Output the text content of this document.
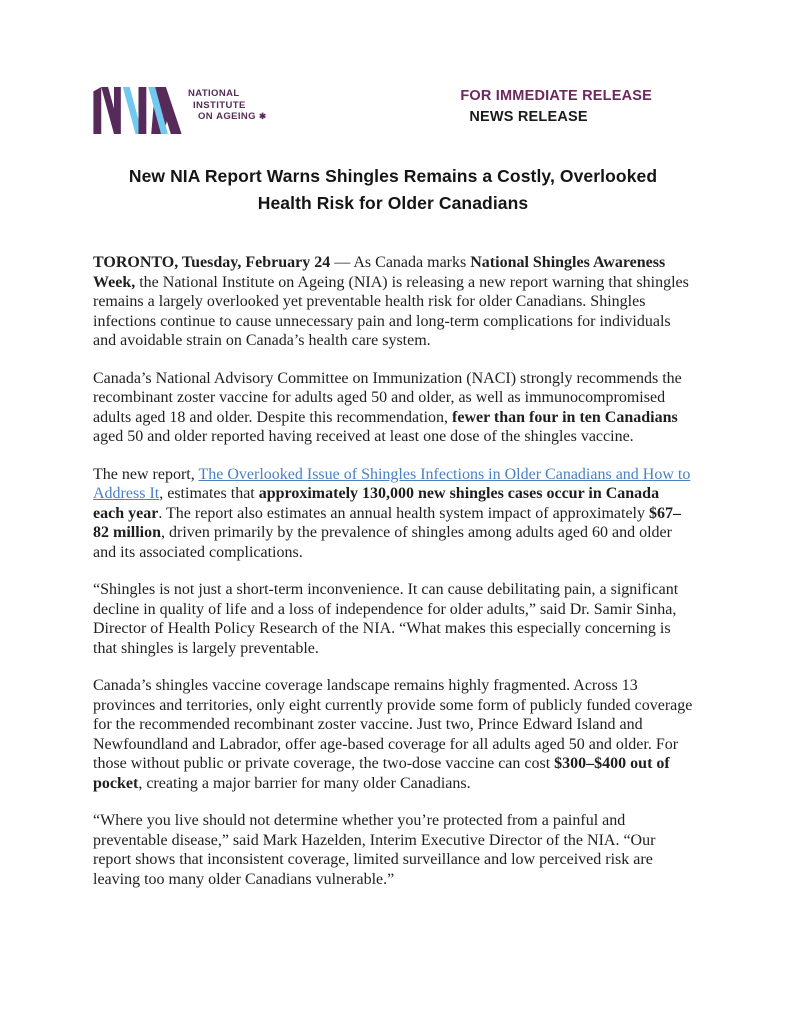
NATIONAL
INSTITUTE
ON AGEING ✱
FOR IMMEDIATE RELEASE
NEWS RELEASE
New NIA Report Warns Shingles Remains a Costly, Overlooked
Health Risk for Older Canadians

TORONTO, Tuesday, February 24 — As Canada marks National Shingles Awareness Week, the National Institute on Ageing (NIA) is releasing a new report warning that shingles remains a largely overlooked yet preventable health risk for older Canadians. Shingles infections continue to cause unnecessary pain and long-term complications for individuals and avoidable strain on Canada’s health care system.

Canada’s National Advisory Committee on Immunization (NACI) strongly recommends the recombinant zoster vaccine for adults aged 50 and older, as well as immunocompromised adults aged 18 and older. Despite this recommendation, fewer than four in ten Canadians aged 50 and older reported having received at least one dose of the shingles vaccine.

The new report, The Overlooked Issue of Shingles Infections in Older Canadians and How to Address It, estimates that approximately 130,000 new shingles cases occur in Canada each year. The report also estimates an annual health system impact of approximately $67–82 million, driven primarily by the prevalence of shingles among adults aged 60 and older and its associated complications.

“Shingles is not just a short-term inconvenience. It can cause debilitating pain, a significant decline in quality of life and a loss of independence for older adults,” said Dr. Samir Sinha, Director of Health Policy Research of the NIA. “What makes this especially concerning is that shingles is largely preventable.

Canada’s shingles vaccine coverage landscape remains highly fragmented. Across 13 provinces and territories, only eight currently provide some form of publicly funded coverage for the recommended recombinant zoster vaccine. Just two, Prince Edward Island and Newfoundland and Labrador, offer age-based coverage for all adults aged 50 and older. For those without public or private coverage, the two-dose vaccine can cost $300–$400 out of pocket, creating a major barrier for many older Canadians.

“Where you live should not determine whether you’re protected from a painful and preventable disease,” said Mark Hazelden, Interim Executive Director of the NIA. “Our report shows that inconsistent coverage, limited surveillance and low perceived risk are leaving too many older Canadians vulnerable.”
